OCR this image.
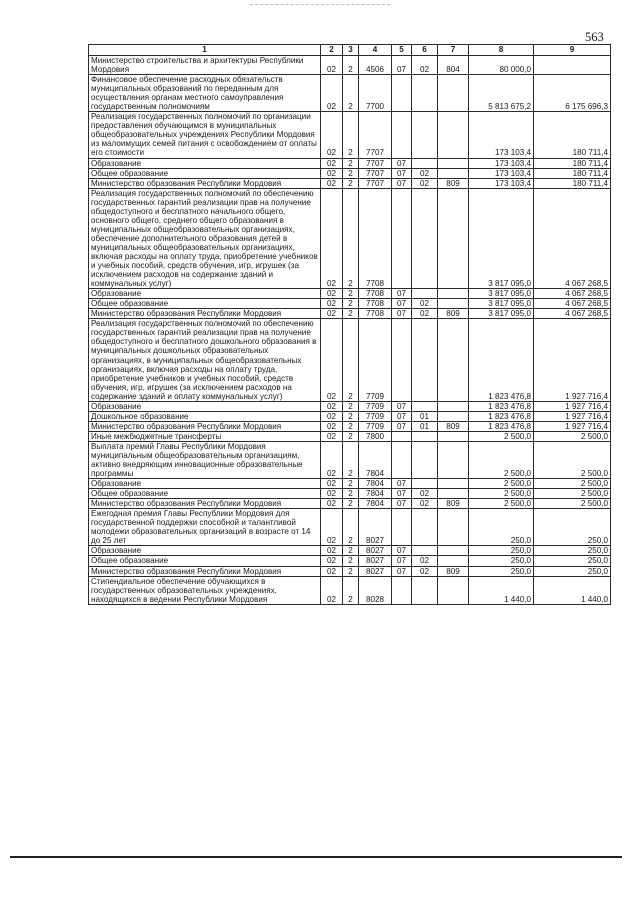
563
1	2	3	4	5	6	7	8	9
Министерство строительства и архитектуры Республики Мордовия	02	2	4506	07	02	804	80 000,0	
Финансовое обеспечение расходных обязательств муниципальных образований по переданным для осуществления органам местного самоуправления государственным полномочиям	02	2	7700				5 813 675,2	6 175 696,3
Реализация государственных полномочий по организации предоставления обучающимся в муниципальных общеобразовательных учреждениях Республики Мордовия из малоимущих семей питания с освобождением от оплаты его стоимости	02	2	7707				173 103,4	180 711,4
Образование	02	2	7707	07			173 103,4	180 711,4
Общее образование	02	2	7707	07	02		173 103,4	180 711,4
Министерство образования Республики Мордовия	02	2	7707	07	02	809	173 103,4	180 711,4
Реализация государственных полномочий по обеспечению государственных гарантий реализации прав на получение общедоступного и бесплатного начального общего, основного общего, среднего общего образования в муниципальных общеобразовательных организациях, обеспечение дополнительного образования детей в муниципальных общеобразовательных организациях, включая расходы на оплату труда, приобретение учебников и учебных пособий, средств обучения, игр, игрушек (за исключением расходов на содержание зданий и коммунальных услуг)	02	2	7708				3 817 095,0	4 067 268,5
Образование	02	2	7708	07			3 817 095,0	4 067 268,5
Общее образование	02	2	7708	07	02		3 817 095,0	4 067 268,5
Министерство образования Республики Мордовия	02	2	7708	07	02	809	3 817 095,0	4 067 268,5
Реализация государственных полномочий по обеспечению государственных гарантий реализации прав на получение общедоступного и бесплатного дошкольного образования в муниципальных дошкольных образовательных организациях, в муниципальных общеобразовательных организациях, включая расходы на оплату труда, приобретение учебников и учебных пособий, средств обучения, игр, игрушек (за исключением расходов на содержание зданий и оплату коммунальных услуг)	02	2	7709				1 823 476,8	1 927 716,4
Образование	02	2	7709	07			1 823 476,8	1 927 716,4
Дошкольное образование	02	2	7709	07	01		1 823 476,8	1 927 716,4
Министерство образования Республики Мордовия	02	2	7709	07	01	809	1 823 476,8	1 927 716,4
Иные межбюджетные трансферты	02	2	7800				2 500,0	2 500,0
Выплата премий Главы Республики Мордовия муниципальным общеобразовательным организациям, активно внедряющим инновационные образовательные программы	02	2	7804				2 500,0	2 500,0
Образование	02	2	7804	07			2 500,0	2 500,0
Общее образование	02	2	7804	07	02		2 500,0	2 500,0
Министерство образования Республики Мордовия	02	2	7804	07	02	809	2 500,0	2 500,0
Ежегодная премия Главы Республики Мордовия для государственной поддержки способной и талантливой молодежи образовательных организаций в возрасте от 14 до 25 лет	02	2	8027				250,0	250,0
Образование	02	2	8027	07			250,0	250,0
Общее образование	02	2	8027	07	02		250,0	250,0
Министерство образования Республики Мордовия	02	2	8027	07	02	809	250,0	250,0
Стипендиальное обеспечение обучающихся в государственных образовательных учреждениях, находящихся в ведении Республики Мордовия	02	2	8028				1 440,0	1 440,0
